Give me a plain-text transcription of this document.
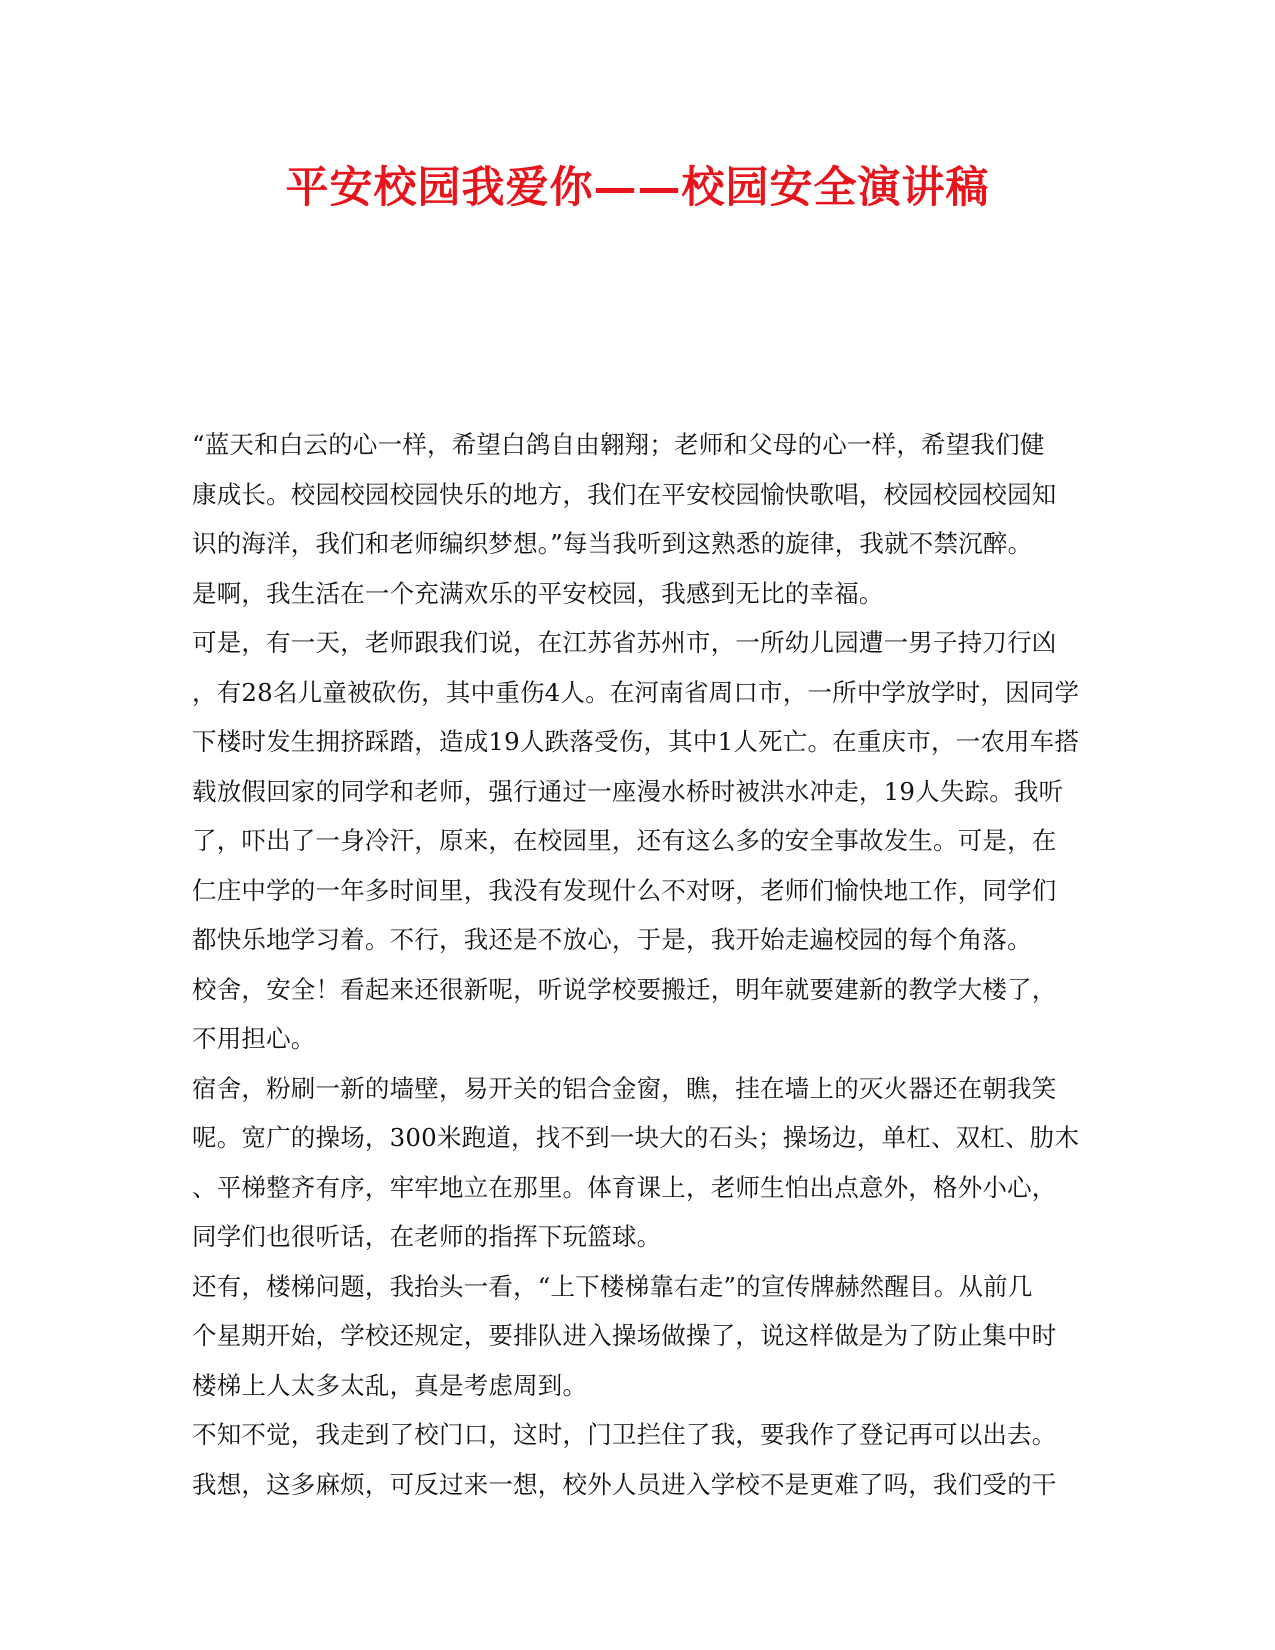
平安校园我爱你——校园安全演讲稿
“蓝天和白云的心一样，希望白鸽自由翱翔；老师和父母的心一样，希望我们健
康成长。校园校园校园快乐的地方，我们在平安校园愉快歌唱，校园校园校园知
识的海洋，我们和老师编织梦想。”每当我听到这熟悉的旋律，我就不禁沉醉。
是啊，我生活在一个充满欢乐的平安校园，我感到无比的幸福。
可是，有一天，老师跟我们说，在江苏省苏州市，一所幼儿园遭一男子持刀行凶
，有28名儿童被砍伤，其中重伤4人。在河南省周口市，一所中学放学时，因同学
下楼时发生拥挤踩踏，造成19人跌落受伤，其中1人死亡。在重庆市，一农用车搭
载放假回家的同学和老师，强行通过一座漫水桥时被洪水冲走，19人失踪。我听
了，吓出了一身冷汗，原来，在校园里，还有这么多的安全事故发生。可是，在
仁庄中学的一年多时间里，我没有发现什么不对呀，老师们愉快地工作，同学们
都快乐地学习着。不行，我还是不放心，于是，我开始走遍校园的每个角落。
校舍，安全！看起来还很新呢，听说学校要搬迁，明年就要建新的教学大楼了，
不用担心。
宿舍，粉刷一新的墙壁，易开关的铝合金窗，瞧，挂在墙上的灭火器还在朝我笑
呢。宽广的操场，300米跑道，找不到一块大的石头；操场边，单杠、双杠、肋木
、平梯整齐有序，牢牢地立在那里。体育课上，老师生怕出点意外，格外小心，
同学们也很听话，在老师的指挥下玩篮球。
还有，楼梯问题，我抬头一看，“上下楼梯靠右走”的宣传牌赫然醒目。从前几
个星期开始，学校还规定，要排队进入操场做操了，说这样做是为了防止集中时
楼梯上人太多太乱，真是考虑周到。
不知不觉，我走到了校门口，这时，门卫拦住了我，要我作了登记再可以出去。
我想，这多麻烦，可反过来一想，校外人员进入学校不是更难了吗，我们受的干
